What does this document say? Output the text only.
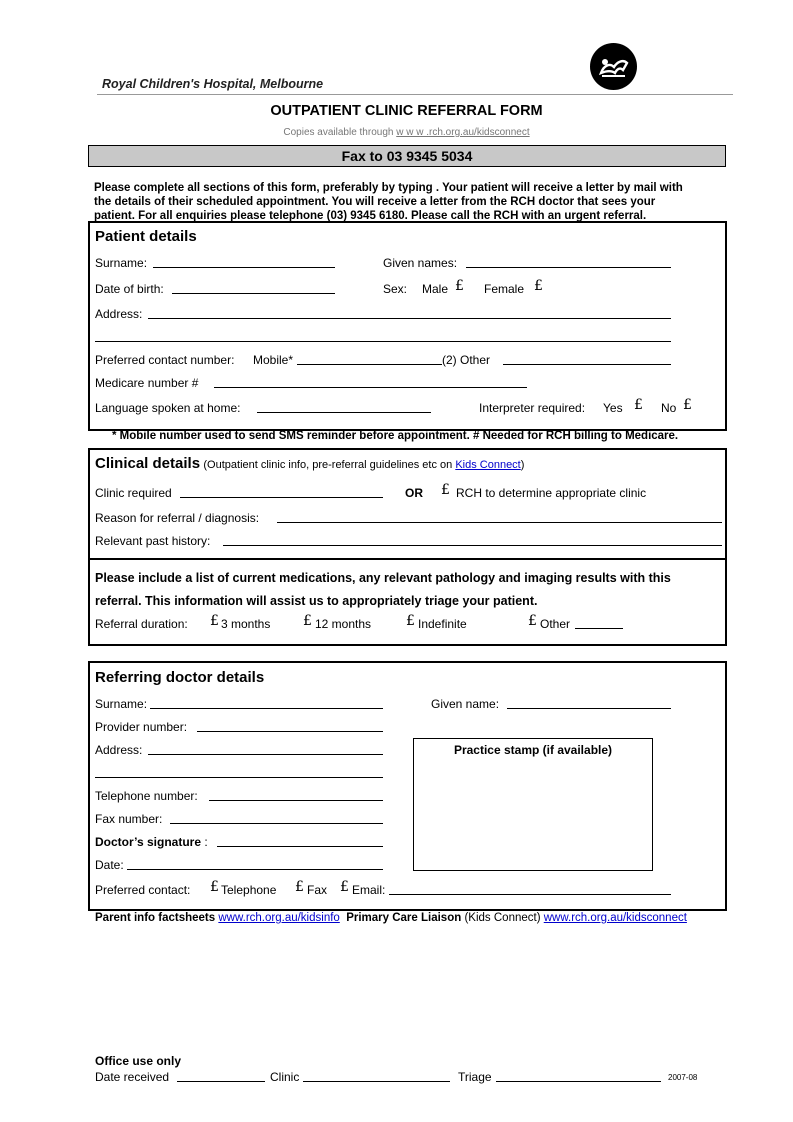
Royal Children's Hospital, Melbourne
OUTPATIENT CLINIC REFERRAL FORM
Copies available through w w w .rch.org.au/kidsconnect
Fax to 03 9345 5034
Please complete all sections of this form, preferably by typing . Your patient will receive a letter by mail with
the details of their scheduled appointment. You will receive a letter from the RCH doctor that sees your
patient. For all enquiries please telephone (03) 9345 6180. Please call the RCH with an urgent referral.
Patient details
Surname:	Given names:
Date of birth:	Sex: Male £ Female £
Address:
Preferred contact number: Mobile*	(2) Other
Medicare number #
Language spoken at home:	Interpreter required: Yes £ No £
* Mobile number used to send SMS reminder before appointment. # Needed for RCH billing to Medicare.
Clinical details (Outpatient clinic info, pre-referral guidelines etc on Kids Connect)
Clinic required	OR £ RCH to determine appropriate clinic
Reason for referral / diagnosis:
Relevant past history:
Please include a list of current medications, any relevant pathology and imaging results with this
referral. This information will assist us to appropriately triage your patient.
Referral duration: £ 3 months £ 12 months £ Indefinite	£ Other
Referring doctor details
Surname:	Given name:
Provider number:
Address:	Practice stamp (if available)
Telephone number:
Fax number:
Doctor’s signature :
Date:
Preferred contact: £ Telephone £ Fax £ Email:
Parent info factsheets www.rch.org.au/kidsinfo Primary Care Liaison (Kids Connect) www.rch.org.au/kidsconnect
Office use only
Date received	Clinic	Triage	2007-08
